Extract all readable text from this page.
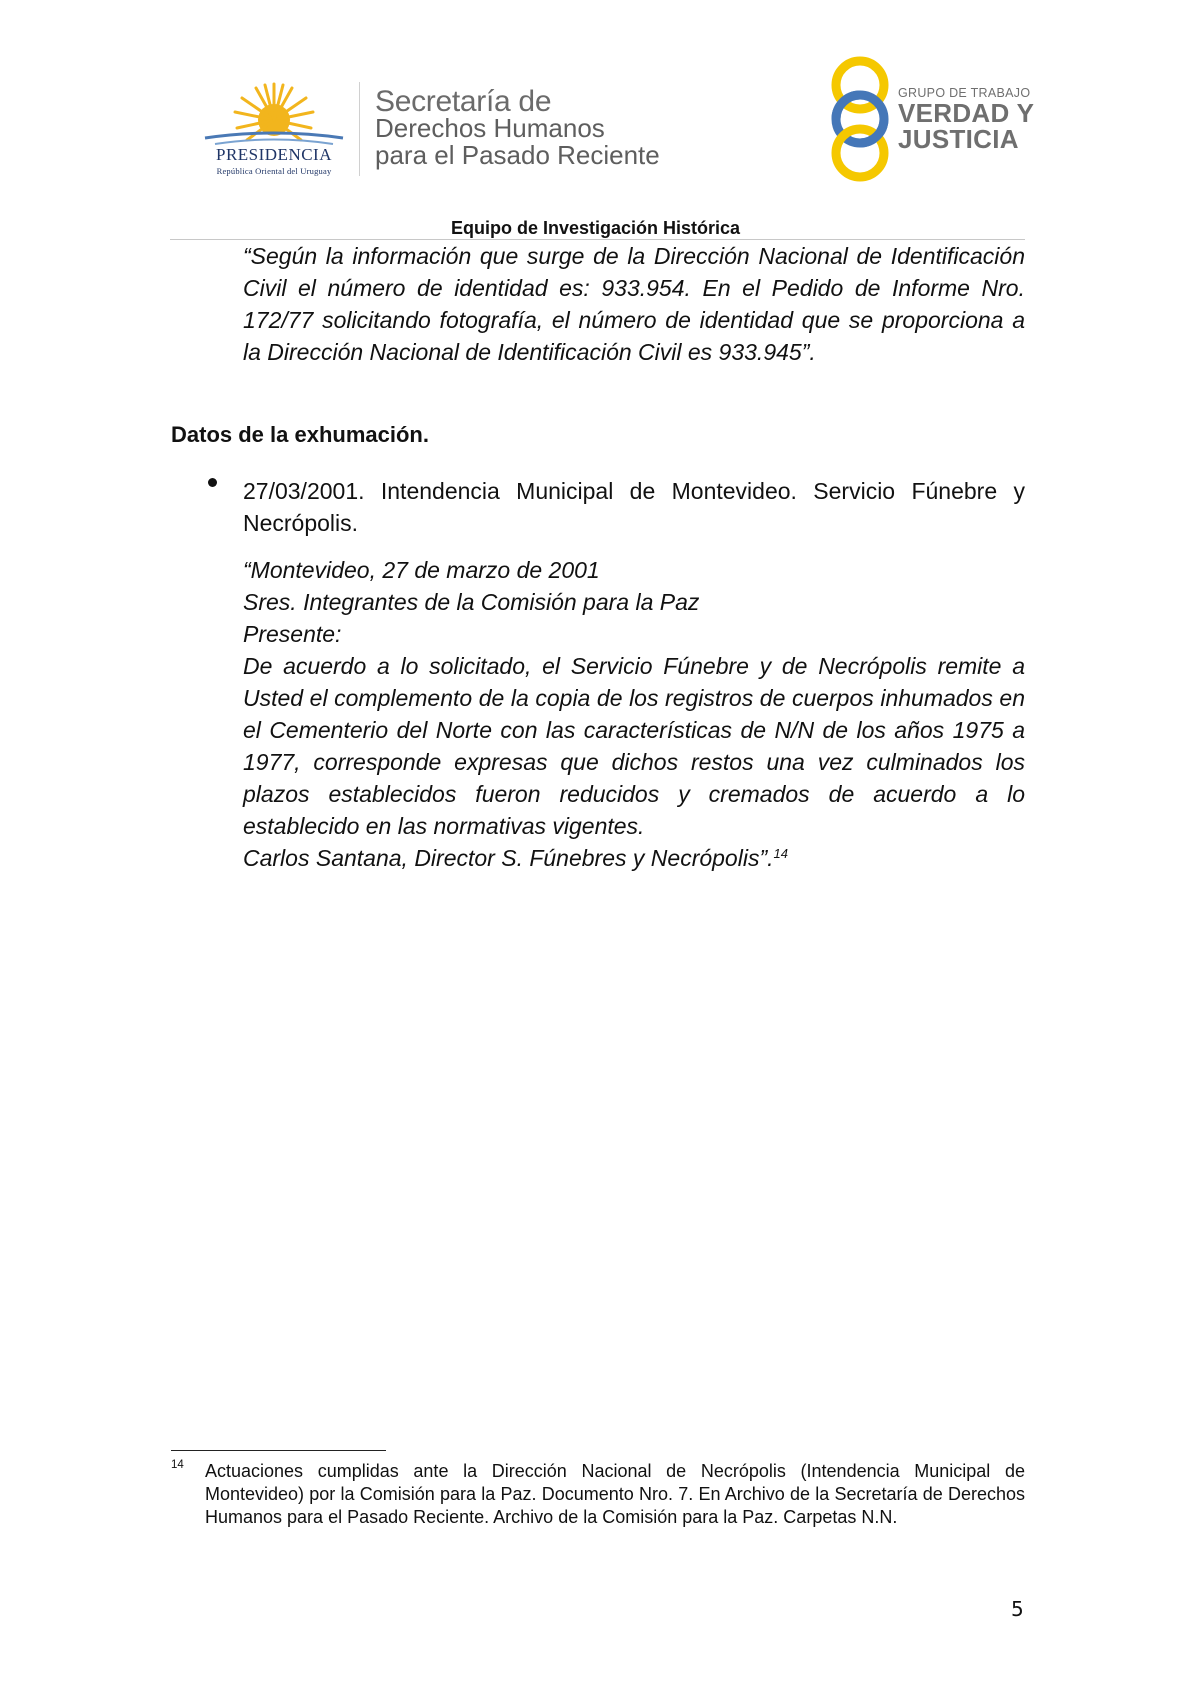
PRESIDENCIA
República Oriental del Uruguay
Secretaría de
Derechos Humanos
para el Pasado Reciente
GRUPO DE TRABAJO
VERDAD Y
JUSTICIA
Equipo de Investigación Histórica
“Según la información que surge de la Dirección Nacional de Identificación Civil el número de identidad es: 933.954. En el Pedido de Informe Nro. 172/77 solicitando fotografía, el número de identidad que se proporciona a la Dirección Nacional de Identificación Civil es 933.945”.
Datos de la exhumación.
27/03/2001. Intendencia Municipal de Montevideo. Servicio Fúnebre y Necrópolis.
“Montevideo, 27 de marzo de 2001
Sres. Integrantes de la Comisión para la Paz
Presente:
De acuerdo a lo solicitado, el Servicio Fúnebre y de Necrópolis remite a Usted el complemento de la copia de los registros de cuerpos inhumados en el Cementerio del Norte con las características de N/N de los años 1975 a 1977, corresponde expresas que dichos restos una vez culminados los plazos establecidos fueron reducidos y cremados de acuerdo a lo establecido en las normativas vigentes.
Carlos Santana, Director S. Fúnebres y Necrópolis”.$^{14}$
14 Actuaciones cumplidas ante la Dirección Nacional de Necrópolis (Intendencia Municipal de Montevideo) por la Comisión para la Paz. Documento Nro. 7. En Archivo de la Secretaría de Derechos Humanos para el Pasado Reciente. Archivo de la Comisión para la Paz. Carpetas N.N.
5
